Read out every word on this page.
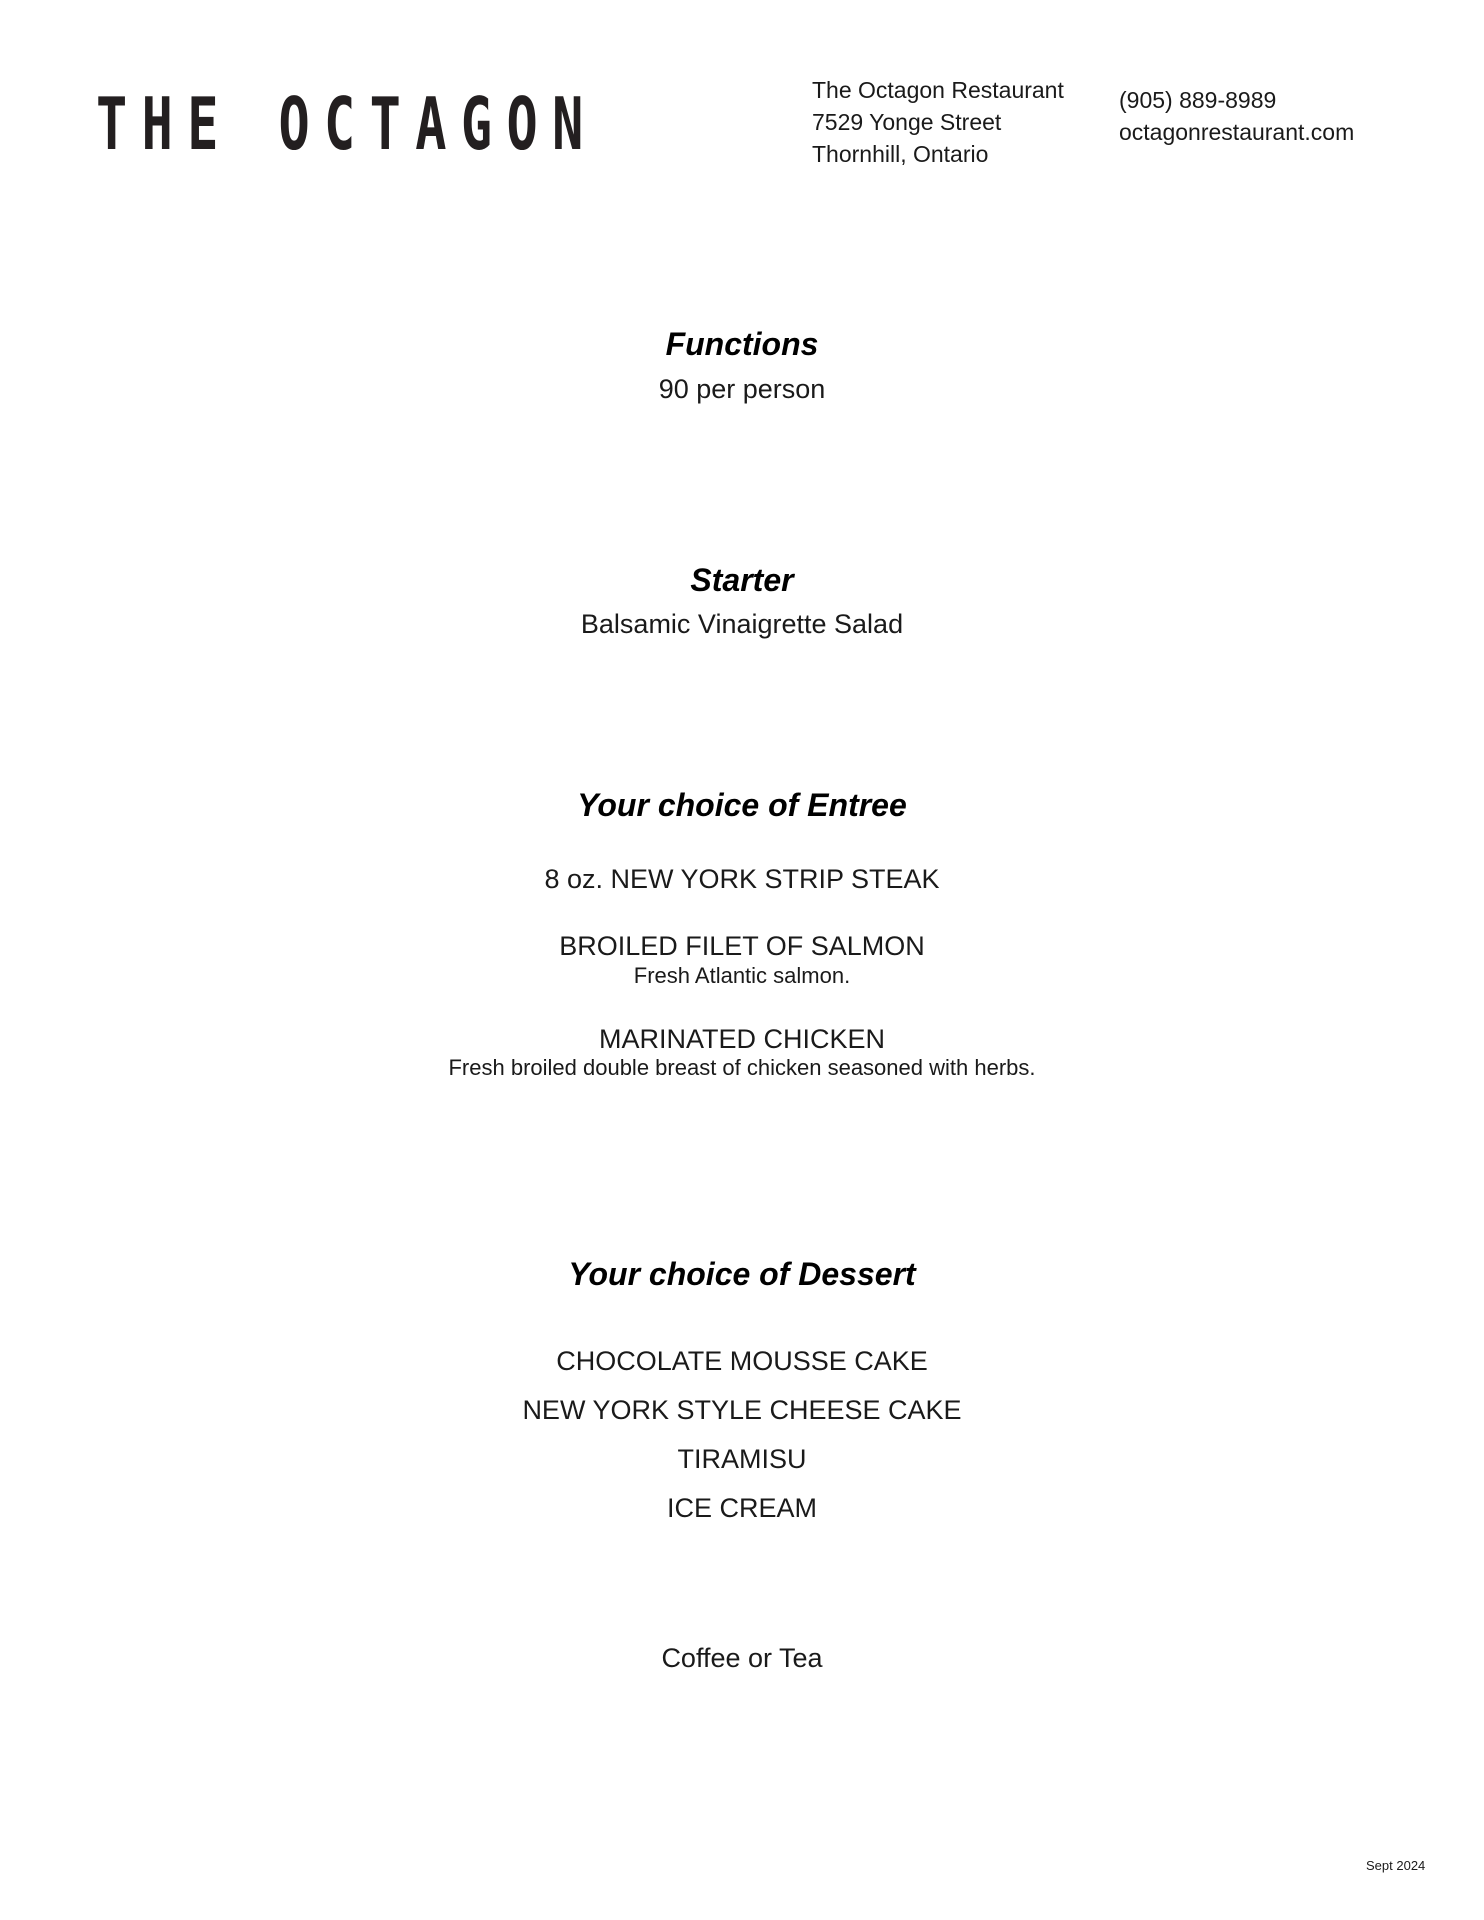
THE OCTAGON	The Octagon Restaurant
7529 Yonge Street
Thornhill, Ontario
(905) 889-8989
octagonrestaurant.com
Functions
90 per person
Starter
Balsamic Vinaigrette Salad
Your choice of Entree
8 oz. NEW YORK STRIP STEAK
BROILED FILET OF SALMON
Fresh Atlantic salmon.
MARINATED CHICKEN
Fresh broiled double breast of chicken seasoned with herbs.
Your choice of Dessert
CHOCOLATE MOUSSE CAKE
NEW YORK STYLE CHEESE CAKE
TIRAMISU
ICE CREAM
Coffee or Tea
Sept 2024
